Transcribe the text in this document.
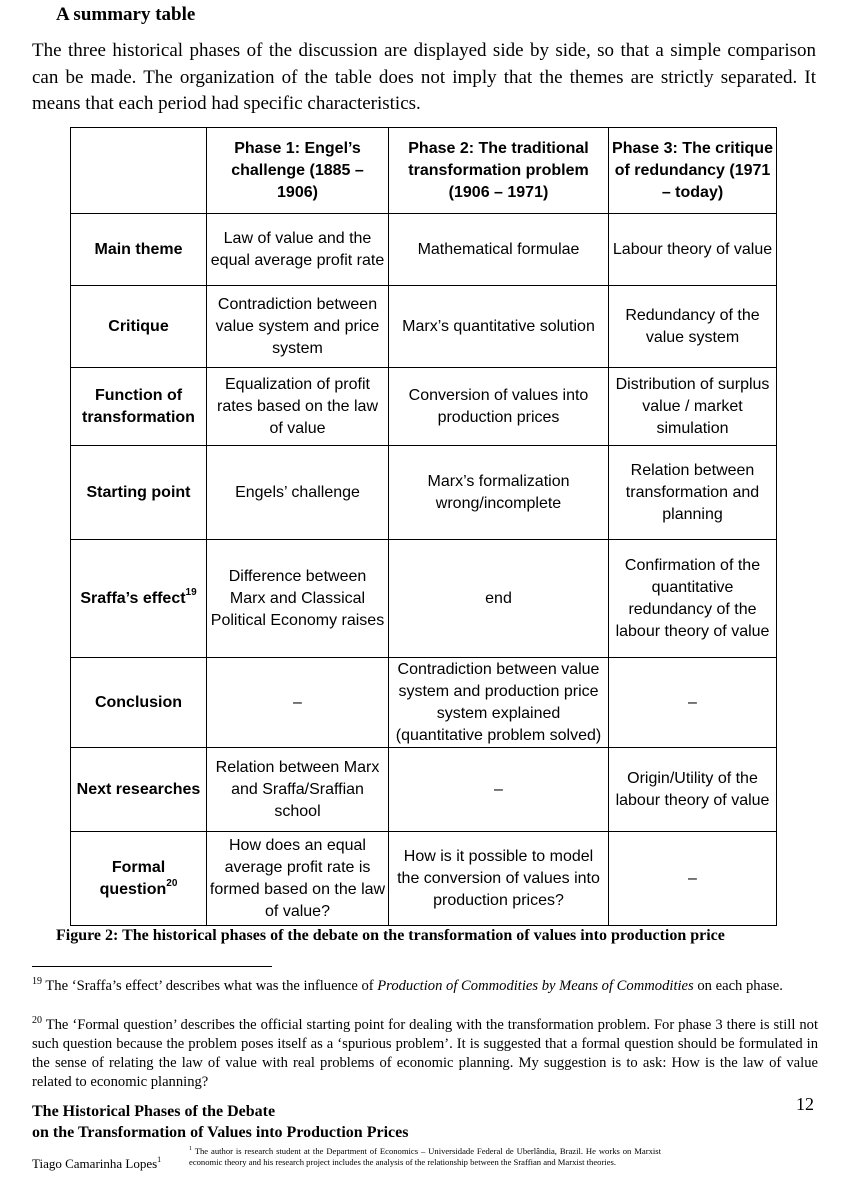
A summary table
The three historical phases of the discussion are displayed side by side, so that a simple comparison can be made. The organization of the table does not imply that the themes are strictly separated. It means that each period had specific characteristics.
	Phase 1: Engel’s challenge (1885 – 1906)	Phase 2: The traditional transformation problem (1906 – 1971)	Phase 3: The critique of redundancy (1971 – today)
Main theme	Law of value and the equal average profit rate	Mathematical formulae	Labour theory of value
Critique	Contradiction between value system and price system	Marx’s quantitative solution	Redundancy of the value system
Function of transformation	Equalization of profit rates based on the law of value	Conversion of values into production prices	Distribution of surplus value / market simulation
Starting point	Engels’ challenge	Marx’s formalization wrong/incomplete	Relation between transformation and planning
Sraffa’s effect$^{19}$	Difference between Marx and Classical Political Economy raises	end	Confirmation of the quantitative redundancy of the labour theory of value
Conclusion	–	Contradiction between value system and production price system explained (quantitative problem solved)	–
Next researches	Relation between Marx and Sraffa/Sraffian school	–	Origin/Utility of the labour theory of value
Formal question$^{20}$	How does an equal average profit rate is formed based on the law of value?	How is it possible to model the conversion of values into production prices?	–
Figure 2: The historical phases of the debate on the transformation of values into production price
$^{19}$ The ‘Sraffa’s effect’ describes what was the influence of Production of Commodities by Means of Commodities on each phase.
$^{20}$ The ‘Formal question’ describes the official starting point for dealing with the transformation problem. For phase 3 there is still not such question because the problem poses itself as a ‘spurious problem’. It is suggested that a formal question should be formulated in the sense of relating the law of value with real problems of economic planning. My suggestion is to ask: How is the law of value related to economic planning?
The Historical Phases of the Debate
on the Transformation of Values into Production Prices
12
Tiago Camarinha Lopes$^1$
$^1$ The author is research student at the Department of Economics – Universidade Federal de Uberlândia, Brazil. He works on Marxist economic theory and his research project includes the analysis of the relationship between the Sraffian and Marxist theories.
